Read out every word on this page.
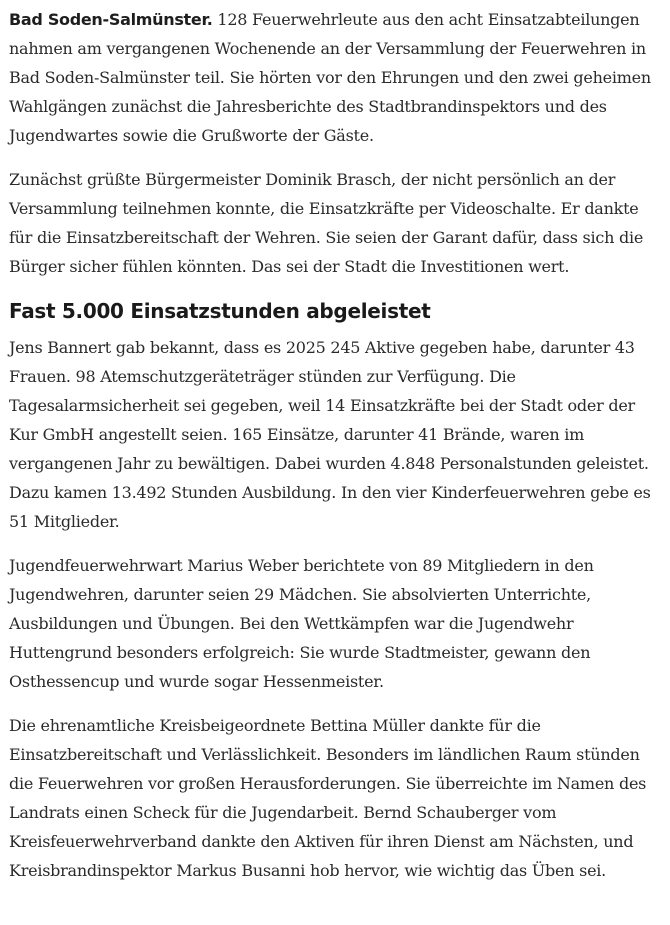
Bad Soden-Salmünster. 128 Feuerwehrleute aus den acht Einsatzabteilungen nahmen am vergangenen Wochenende an der Versammlung der Feuerwehren in Bad Soden-Salmünster teil. Sie hörten vor den Ehrungen und den zwei geheimen Wahlgängen zunächst die Jahresberichte des Stadtbrandinspektors und des Jugendwartes sowie die Grußworte der Gäste.

Zunächst grüßte Bürgermeister Dominik Brasch, der nicht persönlich an der Versammlung teilnehmen konnte, die Einsatzkräfte per Videoschalte. Er dankte für die Einsatzbereitschaft der Wehren. Sie seien der Garant dafür, dass sich die Bürger sicher fühlen könnten. Das sei der Stadt die Investitionen wert.

Fast 5.000 Einsatzstunden abgeleistet

Jens Bannert gab bekannt, dass es 2025 245 Aktive gegeben habe, darunter 43 Frauen. 98 Atemschutzgeräteträger stünden zur Verfügung. Die Tagesalarmsicherheit sei gegeben, weil 14 Einsatzkräfte bei der Stadt oder der Kur GmbH angestellt seien. 165 Einsätze, darunter 41 Brände, waren im vergangenen Jahr zu bewältigen. Dabei wurden 4.848 Personalstunden geleistet. Dazu kamen 13.492 Stunden Ausbildung. In den vier Kinderfeuerwehren gebe es 51 Mitglieder.

Jugendfeuerwehrwart Marius Weber berichtete von 89 Mitgliedern in den Jugendwehren, darunter seien 29 Mädchen. Sie absolvierten Unterrichte, Ausbildungen und Übungen. Bei den Wettkämpfen war die Jugendwehr Huttengrund besonders erfolgreich: Sie wurde Stadtmeister, gewann den Osthessencup und wurde sogar Hessenmeister.

Die ehrenamtliche Kreisbeigeordnete Bettina Müller dankte für die Einsatzbereitschaft und Verlässlichkeit. Besonders im ländlichen Raum stünden die Feuerwehren vor großen Herausforderungen. Sie überreichte im Namen des Landrats einen Scheck für die Jugendarbeit. Bernd Schauberger vom Kreisfeuerwehrverband dankte den Aktiven für ihren Dienst am Nächsten, und Kreisbrandinspektor Markus Busanni hob hervor, wie wichtig das Üben sei.
